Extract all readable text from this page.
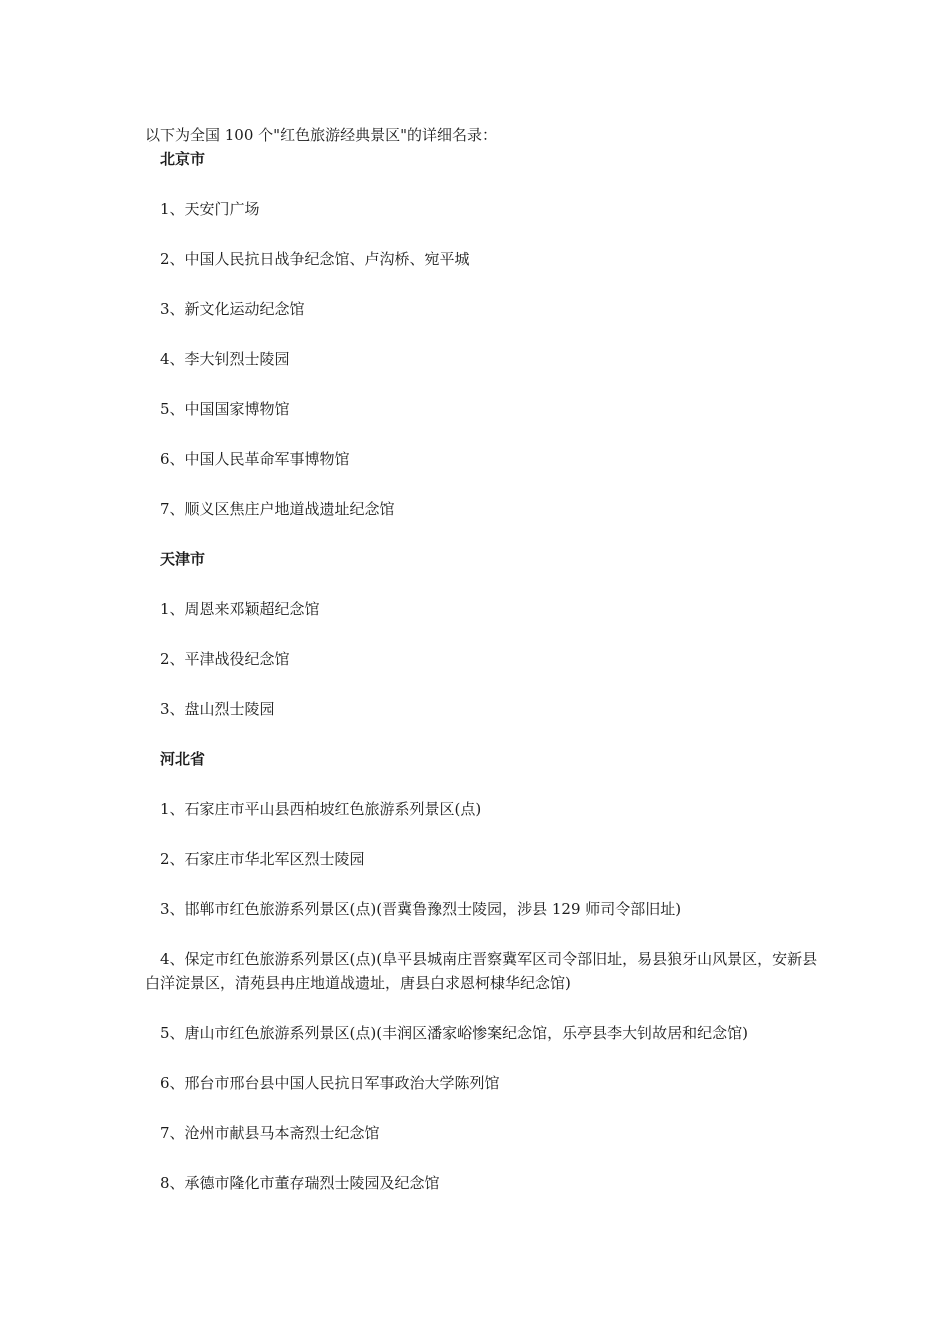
以下为全国 100 个"红色旅游经典景区"的详细名录：

北京市

1、天安门广场

2、中国人民抗日战争纪念馆、卢沟桥、宛平城

3、新文化运动纪念馆

4、李大钊烈士陵园

5、中国国家博物馆

6、中国人民革命军事博物馆

7、顺义区焦庄户地道战遗址纪念馆

天津市

1、周恩来邓颖超纪念馆

2、平津战役纪念馆

3、盘山烈士陵园

河北省

1、石家庄市平山县西柏坡红色旅游系列景区(点)

2、石家庄市华北军区烈士陵园

3、邯郸市红色旅游系列景区(点)(晋冀鲁豫烈士陵园，涉县 129 师司令部旧址)

4、保定市红色旅游系列景区(点)(阜平县城南庄晋察冀军区司令部旧址，易县狼牙山风景区，安新县白洋淀景区，清苑县冉庄地道战遗址，唐县白求恩柯棣华纪念馆)

5、唐山市红色旅游系列景区(点)(丰润区潘家峪惨案纪念馆，乐亭县李大钊故居和纪念馆)

6、邢台市邢台县中国人民抗日军事政治大学陈列馆

7、沧州市献县马本斋烈士纪念馆

8、承德市隆化市董存瑞烈士陵园及纪念馆
